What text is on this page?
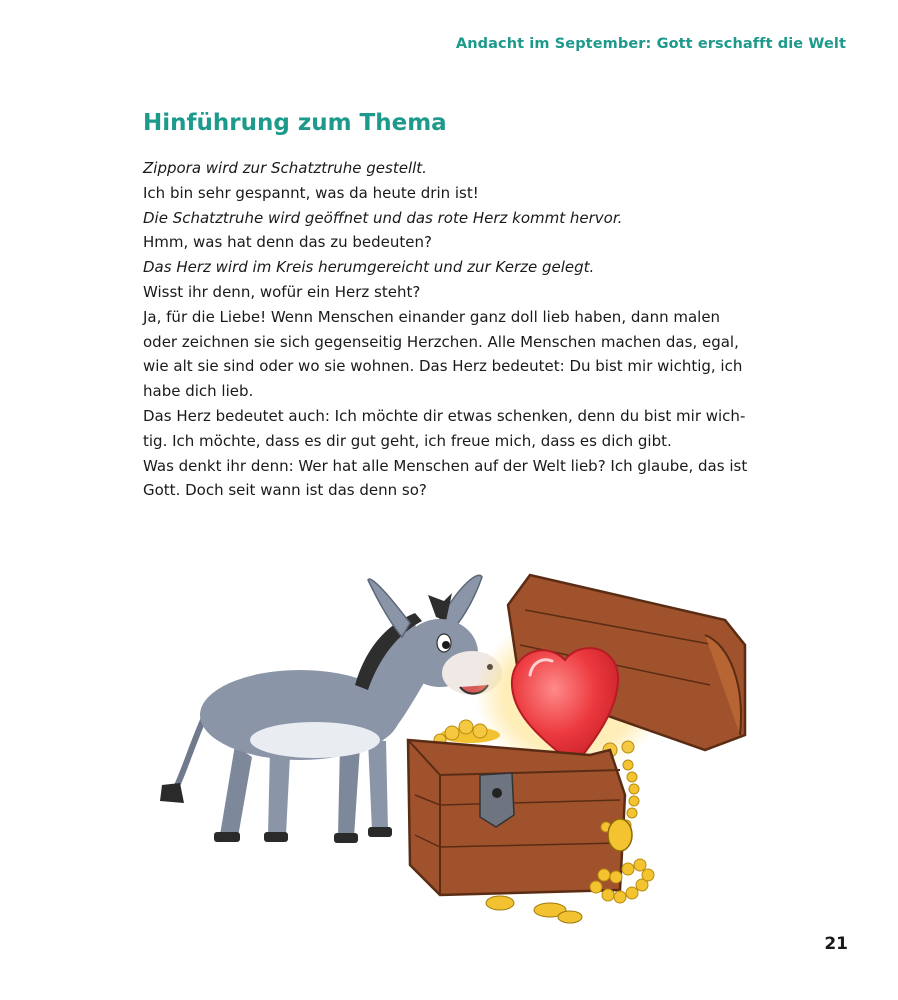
Andacht im September: Gott erschafft die Welt
Hinführung zum Thema
Zippora wird zur Schatztruhe gestellt.
Ich bin sehr gespannt, was da heute drin ist!
Die Schatztruhe wird geöffnet und das rote Herz kommt hervor.
Hmm, was hat denn das zu bedeuten?
Das Herz wird im Kreis herumgereicht und zur Kerze gelegt.
Wisst ihr denn, wofür ein Herz steht?
Ja, für die Liebe! Wenn Menschen einander ganz doll lieb haben, dann malen
oder zeichnen sie sich gegenseitig Herzchen. Alle Menschen machen das, egal,
wie alt sie sind oder wo sie wohnen. Das Herz bedeutet: Du bist mir wichtig, ich
habe dich lieb.
Das Herz bedeutet auch: Ich möchte dir etwas schenken, denn du bist mir wich-
tig. Ich möchte, dass es dir gut geht, ich freue mich, dass es dich gibt.
Was denkt ihr denn: Wer hat alle Menschen auf der Welt lieb? Ich glaube, das ist
Gott. Doch seit wann ist das denn so?
21
